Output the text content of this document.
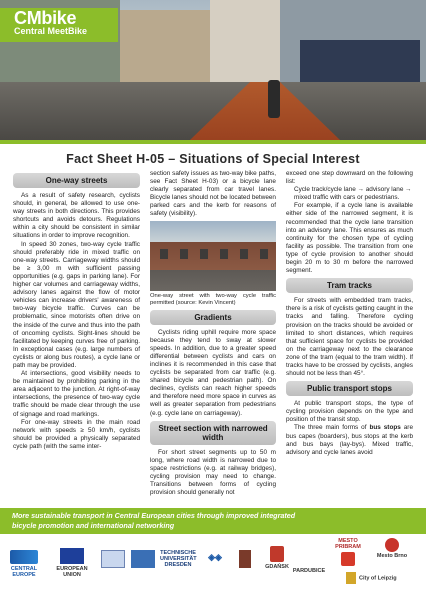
CMbike
Central MeetBike
Fact Sheet H-05 – Situations of Special Interest
One-way streets

As a result of safety research, cyclists should, in general, be allowed to use one-way streets in both directions. This provides shortcuts and avoids detours. Regulations within a city should be consistent in similar situations in order to improve recognition.

In speed 30 zones, two-way cycle traffic should preferably ride in mixed traffic on one-way streets. Carriageway widths should be ≥ 3,00 m with sufficient passing opportunities (e.g. gaps in parking lane). For higher car volumes and carriageway widths, advisory lanes against the flow of motor vehicles can increase drivers' awareness of two-way bicycle traffic. Curves can be problematic, since motorists often drive on the inside of the curve and thus into the path of oncoming cyclists. Sight-lines should be facilitated by keeping curves free of parking. In exceptional cases (e.g. large numbers of cyclists or along bus routes), a cycle lane or path may be provided.

At intersections, good visibility needs to be maintained by prohibiting parking in the area adjacent to the junction. At right-of-way intersections, the presence of two-way cycle traffic should be made clear through the use of signage and road markings.

For one-way streets in the main road network with speeds ≥ 50 km/h, cyclists should be provided a physically separated cycle path (with the same inter-

section safety issues as two-way bike paths, see Fact Sheet H-03) or a bicycle lane clearly separated from car travel lanes. Bicycle lanes should not be located between parked cars and the kerb for reasons of safety (visibility).

One-way street with two-way cycle traffic permitted (source: Kevin Vincent)

Gradients

Cyclists riding uphill require more space because they tend to sway at slower speeds. In addition, due to a greater speed differential between cyclists and cars on inclines it is recommended in this case that cyclists be separated from car traffic (e.g. shared bicycle and pedestrian path). On declines, cyclists can reach higher speeds and therefore need more space in curves as well as greater separation from pedestrians (e.g. cycle lane on carriageway).

Street section with narrowed width

For short street segments up to 50 m long, where road width is narrowed due to space restrictions (e.g. at railway bridges), cycling provision may need to change. Transitions between forms of cycling provision should generally not

exceed one step downward on the following list:

Cycle track/cycle lane → advisory lane → mixed traffic with cars or pedestrians.

For example, if a cycle lane is available either side of the narrowed segment, it is recommended that the cycle lane transition into an advisory lane. This ensures as much continuity for the chosen type of cycling facility as possible. The transition from one type of cycle provision to another should begin 20 m to 30 m before the narrowed segment.

Tram tracks

For streets with embedded tram tracks, there is a risk of cyclists getting caught in the tracks and falling. Therefore cycling provision on the tracks should be avoided or limited to short distances, which requires that sufficient space for cyclists be provided on the carriageway next to the clearance zone of the tram (equal to the tram width). If tracks have to be crossed by cyclists, angles should not be less than 45°.

Public transport stops

At public transport stops, the type of cycling provision depends on the type and position of the transit stop.

The three main forms of bus stops are bus capes (boarders), bus stops at the kerb and bus bays (lay-bys). Mixed traffic, advisory and cycle lanes avoid

More sustainable transport in Central European cities through improved integrated
bicycle promotion and international networking
CENTRAL EUROPE
EUROPEAN UNION
TECHNISCHE UNIVERSITÄT DRESDEN
◈◈
GDAŃSK
PARDUBICE
MESTO PRIBRAM
Mesto Brno
City of Leipzig
